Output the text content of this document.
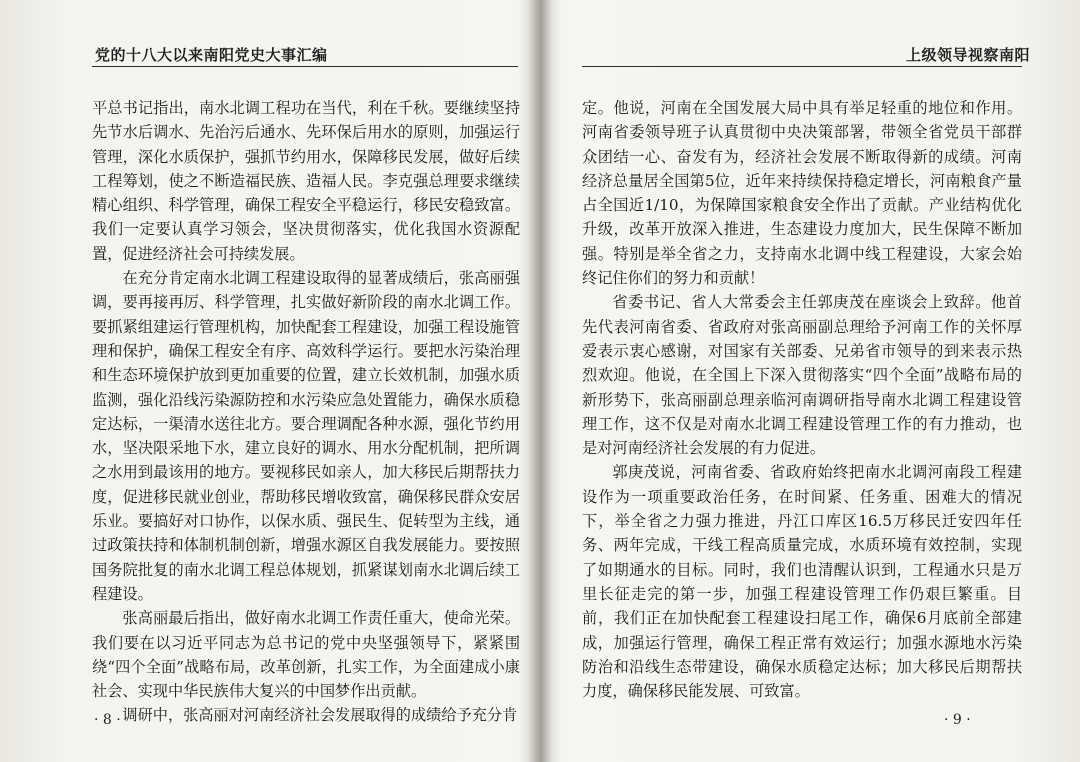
党的十八大以来南阳党史大事汇编

平总书记指出，南水北调工程功在当代，利在千秋。要继续坚持先节水后调水、先治污后通水、先环保后用水的原则，加强运行管理，深化水质保护，强抓节约用水，保障移民发展，做好后续工程筹划，使之不断造福民族、造福人民。李克强总理要求继续精心组织、科学管理，确保工程安全平稳运行，移民安稳致富。我们一定要认真学习领会，坚决贯彻落实，优化我国水资源配置，促进经济社会可持续发展。

在充分肯定南水北调工程建设取得的显著成绩后，张高丽强调，要再接再厉、科学管理，扎实做好新阶段的南水北调工作。要抓紧组建运行管理机构，加快配套工程建设，加强工程设施管理和保护，确保工程安全有序、高效科学运行。要把水污染治理和生态环境保护放到更加重要的位置，建立长效机制，加强水质监测，强化沿线污染源防控和水污染应急处置能力，确保水质稳定达标，一渠清水送往北方。要合理调配各种水源，强化节约用水，坚决限采地下水，建立良好的调水、用水分配机制，把所调之水用到最该用的地方。要视移民如亲人，加大移民后期帮扶力度，促进移民就业创业，帮助移民增收致富，确保移民群众安居乐业。要搞好对口协作，以保水质、强民生、促转型为主线，通过政策扶持和体制机制创新，增强水源区自我发展能力。要按照国务院批复的南水北调工程总体规划，抓紧谋划南水北调后续工程建设。

张高丽最后指出，做好南水北调工作责任重大，使命光荣。我们要在以习近平同志为总书记的党中央坚强领导下，紧紧围绕“四个全面”战略布局，改革创新，扎实工作，为全面建成小康社会、实现中华民族伟大复兴的中国梦作出贡献。

调研中，张高丽对河南经济社会发展取得的成绩给予充分肯

· 8 ·
上级领导视察南阳

定。他说，河南在全国发展大局中具有举足轻重的地位和作用。河南省委领导班子认真贯彻中央决策部署，带领全省党员干部群众团结一心、奋发有为，经济社会发展不断取得新的成绩。河南经济总量居全国第5位，近年来持续保持稳定增长，河南粮食产量占全国近1/10，为保障国家粮食安全作出了贡献。产业结构优化升级，改革开放深入推进，生态建设力度加大，民生保障不断加强。特别是举全省之力，支持南水北调中线工程建设，大家会始终记住你们的努力和贡献！

省委书记、省人大常委会主任郭庚茂在座谈会上致辞。他首先代表河南省委、省政府对张高丽副总理给予河南工作的关怀厚爱表示衷心感谢，对国家有关部委、兄弟省市领导的到来表示热烈欢迎。他说，在全国上下深入贯彻落实“四个全面”战略布局的新形势下，张高丽副总理亲临河南调研指导南水北调工程建设管理工作，这不仅是对南水北调工程建设管理工作的有力推动，也是对河南经济社会发展的有力促进。

郭庚茂说，河南省委、省政府始终把南水北调河南段工程建设作为一项重要政治任务，在时间紧、任务重、困难大的情况下，举全省之力强力推进，丹江口库区16.5万移民迁安四年任务、两年完成，干线工程高质量完成，水质环境有效控制，实现了如期通水的目标。同时，我们也清醒认识到，工程通水只是万里长征走完的第一步，加强工程建设管理工作仍艰巨繁重。目前，我们正在加快配套工程建设扫尾工作，确保6月底前全部建成，加强运行管理，确保工程正常有效运行；加强水源地水污染防治和沿线生态带建设，确保水质稳定达标；加大移民后期帮扶力度，确保移民能发展、可致富。

· 9 ·
